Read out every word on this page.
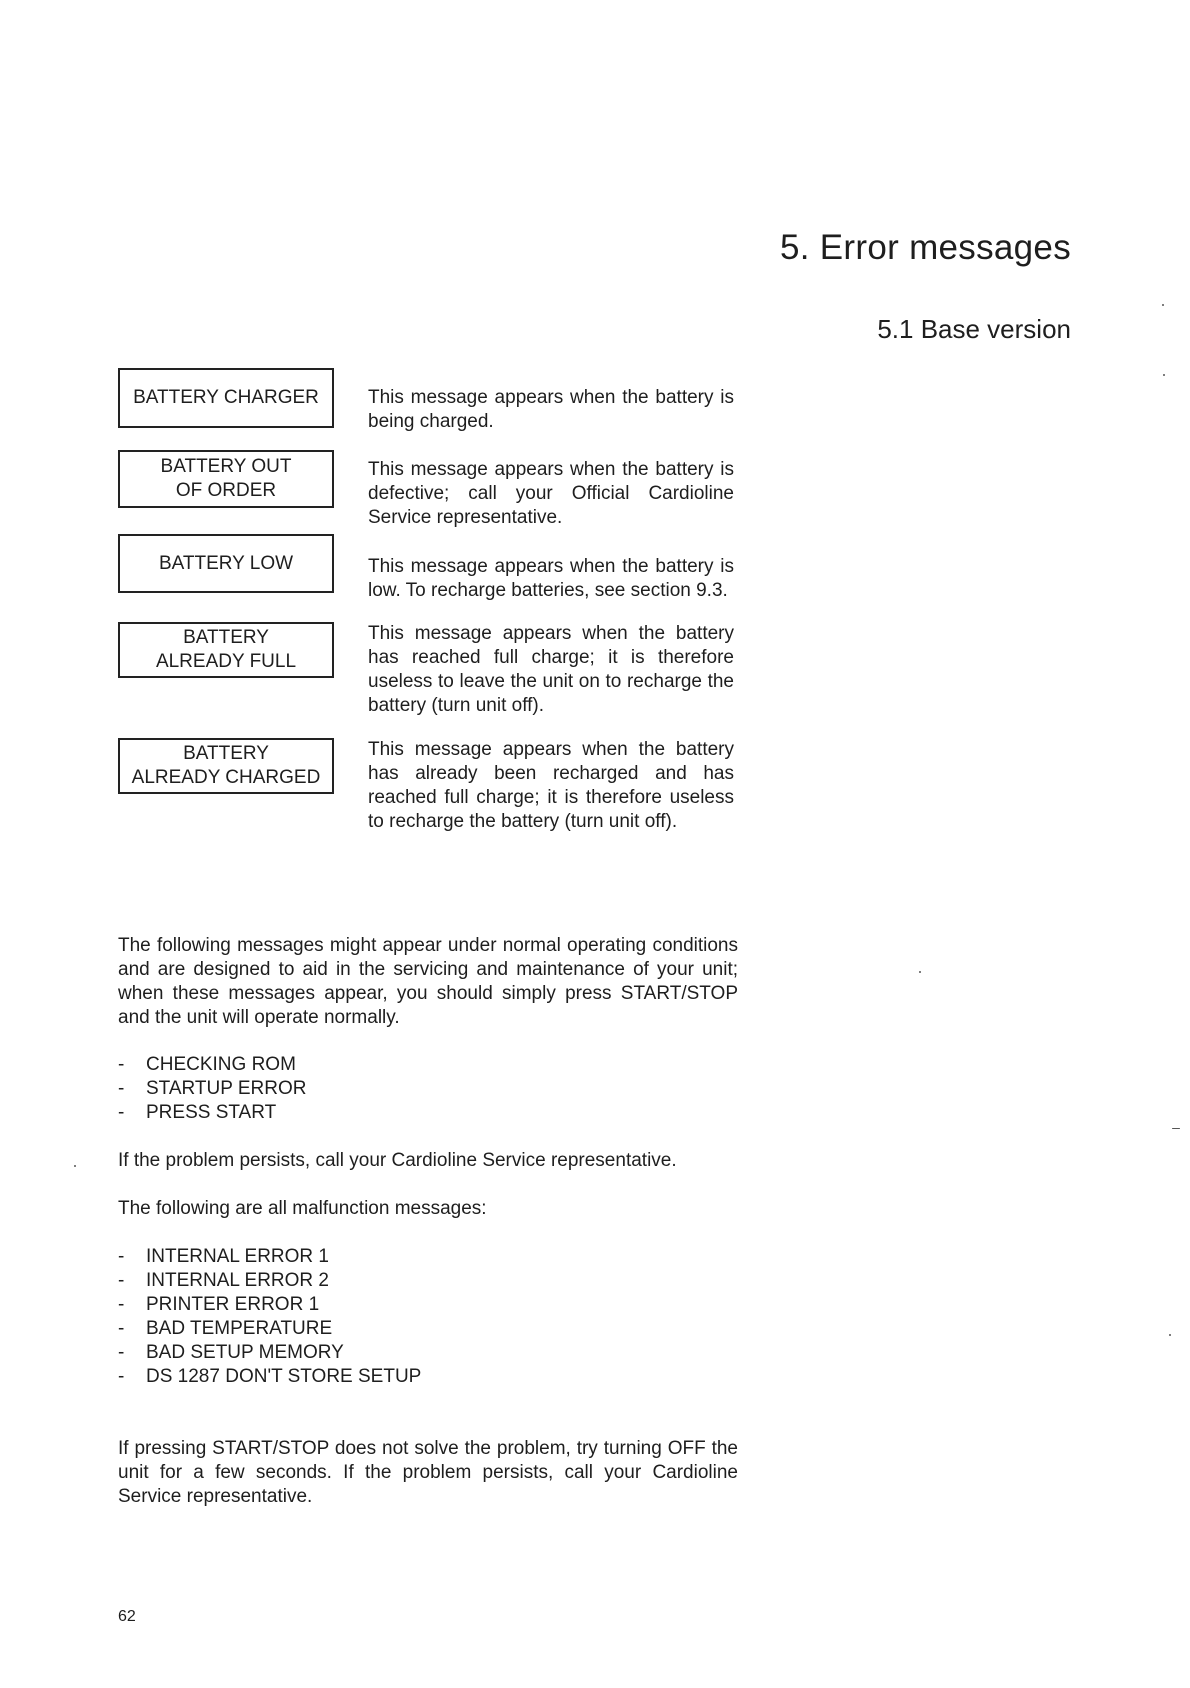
5. Error messages
5.1 Base version
BATTERY CHARGER	This message appears when the battery is being charged.
BATTERY OUT
OF ORDER
This message appears when the battery is defective; call your Official Cardioline Service representative.
BATTERY LOW	This message appears when the battery is low. To recharge batteries, see section 9.3.
BATTERY
ALREADY FULL
This message appears when the battery has reached full charge; it is therefore useless to leave the unit on to recharge the battery (turn unit off).
BATTERY
ALREADY CHARGED
This message appears when the battery has already been recharged and has reached full charge; it is therefore useless to recharge the battery (turn unit off).

The following messages might appear under normal operating conditions and are designed to aid in the servicing and maintenance of your unit; when these messages appear, you should simply press START/STOP and the unit will operate normally.

- CHECKING ROM
- STARTUP ERROR
- PRESS START

If the problem persists, call your Cardioline Service representative.

The following are all malfunction messages:

- INTERNAL ERROR 1
- INTERNAL ERROR 2
- PRINTER ERROR 1
- BAD TEMPERATURE
- BAD SETUP MEMORY
- DS 1287 DON'T STORE SETUP

If pressing START/STOP does not solve the problem, try turning OFF the unit for a few seconds. If the problem persists, call your Cardioline Service representative.

62
